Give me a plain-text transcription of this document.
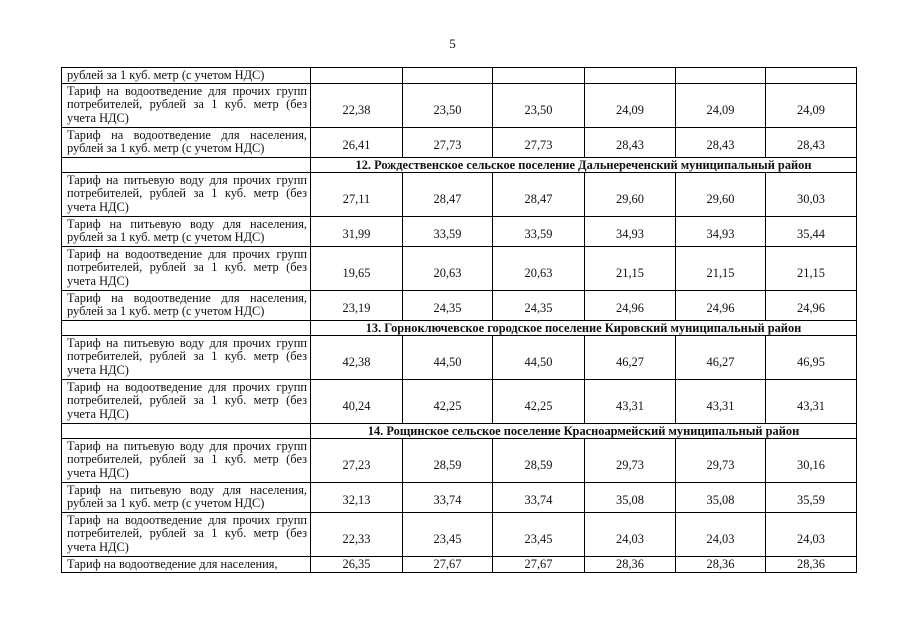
5
рублей за 1 куб. метр (с учетом НДС)						
Тариф на водоотведение для прочих групп потребителей, рублей за 1 куб. метр (без учета НДС)	22,38	23,50	23,50	24,09	24,09	24,09
Тариф на водоотведение для населения, рублей за 1 куб. метр (с учетом НДС)	26,41	27,73	27,73	28,43	28,43	28,43
	12. Рождественское сельское поселение Дальнереченский муниципальный район					
Тариф на питьевую воду для прочих групп потребителей, рублей за 1 куб. метр (без учета НДС)	27,11	28,47	28,47	29,60	29,60	30,03
Тариф на питьевую воду для населения, рублей за 1 куб. метр (с учетом НДС)	31,99	33,59	33,59	34,93	34,93	35,44
Тариф на водоотведение для прочих групп потребителей, рублей за 1 куб. метр (без учета НДС)	19,65	20,63	20,63	21,15	21,15	21,15
Тариф на водоотведение для населения, рублей за 1 куб. метр (с учетом НДС)	23,19	24,35	24,35	24,96	24,96	24,96
	13. Горноключевское городское поселение Кировский муниципальный район					
Тариф на питьевую воду для прочих групп потребителей, рублей за 1 куб. метр (без учета НДС)	42,38	44,50	44,50	46,27	46,27	46,95
Тариф на водоотведение для прочих групп потребителей, рублей за 1 куб. метр (без учета НДС)	40,24	42,25	42,25	43,31	43,31	43,31
	14. Рощинское сельское поселение Красноармейский муниципальный район					
Тариф на питьевую воду для прочих групп потребителей, рублей за 1 куб. метр (без учета НДС)	27,23	28,59	28,59	29,73	29,73	30,16
Тариф на питьевую воду для населения, рублей за 1 куб. метр (с учетом НДС)	32,13	33,74	33,74	35,08	35,08	35,59
Тариф на водоотведение для прочих групп потребителей, рублей за 1 куб. метр (без учета НДС)	22,33	23,45	23,45	24,03	24,03	24,03
Тариф на водоотведение для населения,	26,35	27,67	27,67	28,36	28,36	28,36
